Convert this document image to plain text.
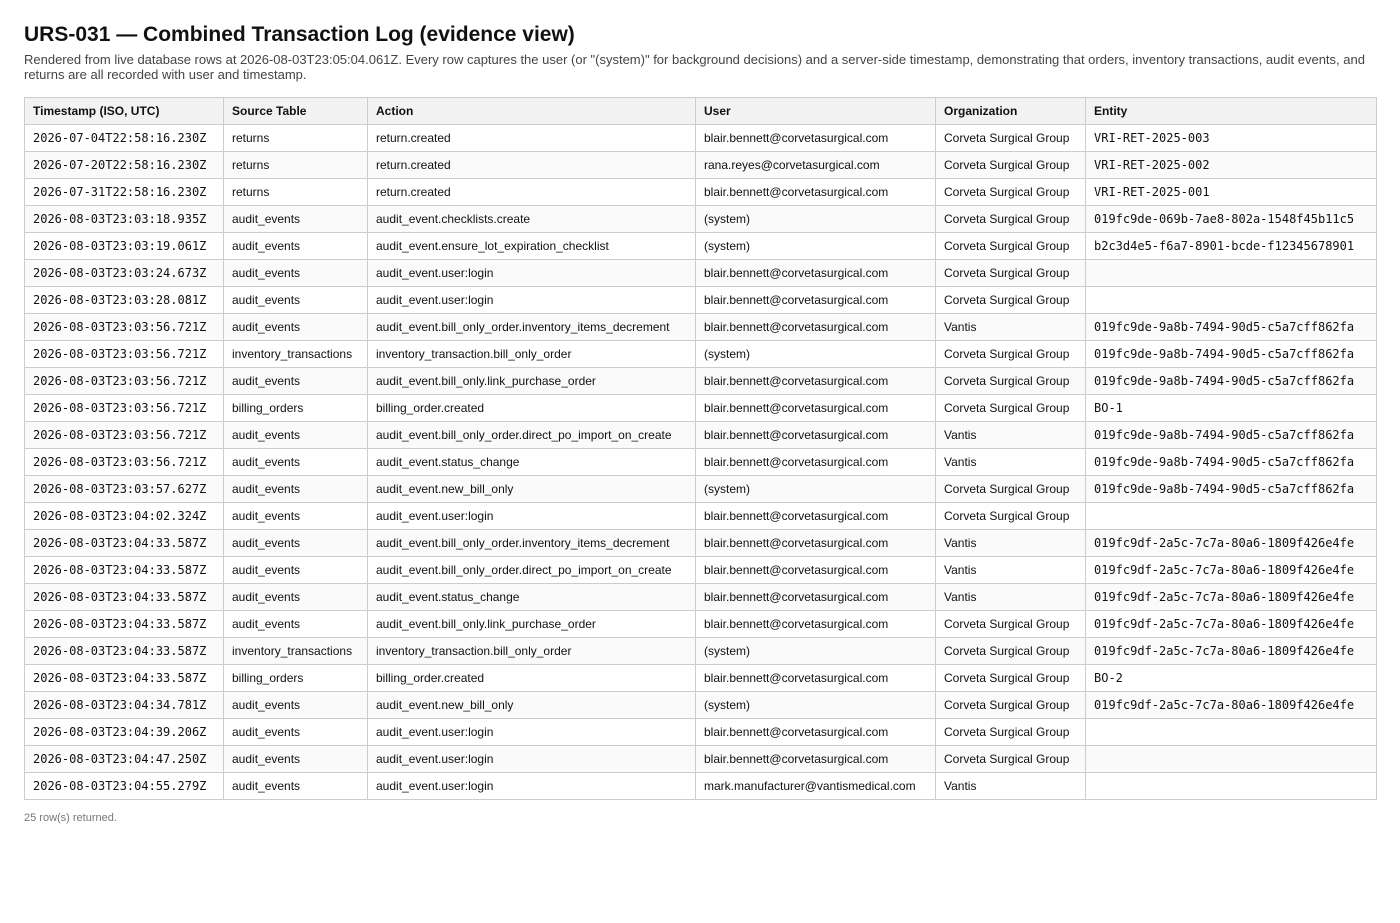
URS-031 — Combined Transaction Log (evidence view)

Rendered from live database rows at 2026-08-03T23:05:04.061Z. Every row captures the user (or "(system)" for background decisions) and a server-side timestamp, demonstrating that orders, inventory transactions, audit events, and returns are all recorded with user and timestamp.

Timestamp (ISO, UTC)	Source Table	Action	User	Organization	Entity
2026-07-04T22:58:16.230Z	returns	return.created	blair.bennett@corvetasurgical.com	Corveta Surgical Group	VRI-RET-2025-003
2026-07-20T22:58:16.230Z	returns	return.created	rana.reyes@corvetasurgical.com	Corveta Surgical Group	VRI-RET-2025-002
2026-07-31T22:58:16.230Z	returns	return.created	blair.bennett@corvetasurgical.com	Corveta Surgical Group	VRI-RET-2025-001
2026-08-03T23:03:18.935Z	audit_events	audit_event.checklists.create	(system)	Corveta Surgical Group	019fc9de-069b-7ae8-802a-1548f45b11c5
2026-08-03T23:03:19.061Z	audit_events	audit_event.ensure_lot_expiration_checklist	(system)	Corveta Surgical Group	b2c3d4e5-f6a7-8901-bcde-f12345678901
2026-08-03T23:03:24.673Z	audit_events	audit_event.user:login	blair.bennett@corvetasurgical.com	Corveta Surgical Group	
2026-08-03T23:03:28.081Z	audit_events	audit_event.user:login	blair.bennett@corvetasurgical.com	Corveta Surgical Group	
2026-08-03T23:03:56.721Z	audit_events	audit_event.bill_only_order.inventory_items_decrement	blair.bennett@corvetasurgical.com	Vantis	019fc9de-9a8b-7494-90d5-c5a7cff862fa
2026-08-03T23:03:56.721Z	inventory_transactions	inventory_transaction.bill_only_order	(system)	Corveta Surgical Group	019fc9de-9a8b-7494-90d5-c5a7cff862fa
2026-08-03T23:03:56.721Z	audit_events	audit_event.bill_only.link_purchase_order	blair.bennett@corvetasurgical.com	Corveta Surgical Group	019fc9de-9a8b-7494-90d5-c5a7cff862fa
2026-08-03T23:03:56.721Z	billing_orders	billing_order.created	blair.bennett@corvetasurgical.com	Corveta Surgical Group	BO-1
2026-08-03T23:03:56.721Z	audit_events	audit_event.bill_only_order.direct_po_import_on_create	blair.bennett@corvetasurgical.com	Vantis	019fc9de-9a8b-7494-90d5-c5a7cff862fa
2026-08-03T23:03:56.721Z	audit_events	audit_event.status_change	blair.bennett@corvetasurgical.com	Vantis	019fc9de-9a8b-7494-90d5-c5a7cff862fa
2026-08-03T23:03:57.627Z	audit_events	audit_event.new_bill_only	(system)	Corveta Surgical Group	019fc9de-9a8b-7494-90d5-c5a7cff862fa
2026-08-03T23:04:02.324Z	audit_events	audit_event.user:login	blair.bennett@corvetasurgical.com	Corveta Surgical Group	
2026-08-03T23:04:33.587Z	audit_events	audit_event.bill_only_order.inventory_items_decrement	blair.bennett@corvetasurgical.com	Vantis	019fc9df-2a5c-7c7a-80a6-1809f426e4fe
2026-08-03T23:04:33.587Z	audit_events	audit_event.bill_only_order.direct_po_import_on_create	blair.bennett@corvetasurgical.com	Vantis	019fc9df-2a5c-7c7a-80a6-1809f426e4fe
2026-08-03T23:04:33.587Z	audit_events	audit_event.status_change	blair.bennett@corvetasurgical.com	Vantis	019fc9df-2a5c-7c7a-80a6-1809f426e4fe
2026-08-03T23:04:33.587Z	audit_events	audit_event.bill_only.link_purchase_order	blair.bennett@corvetasurgical.com	Corveta Surgical Group	019fc9df-2a5c-7c7a-80a6-1809f426e4fe
2026-08-03T23:04:33.587Z	inventory_transactions	inventory_transaction.bill_only_order	(system)	Corveta Surgical Group	019fc9df-2a5c-7c7a-80a6-1809f426e4fe
2026-08-03T23:04:33.587Z	billing_orders	billing_order.created	blair.bennett@corvetasurgical.com	Corveta Surgical Group	BO-2
2026-08-03T23:04:34.781Z	audit_events	audit_event.new_bill_only	(system)	Corveta Surgical Group	019fc9df-2a5c-7c7a-80a6-1809f426e4fe
2026-08-03T23:04:39.206Z	audit_events	audit_event.user:login	blair.bennett@corvetasurgical.com	Corveta Surgical Group	
2026-08-03T23:04:47.250Z	audit_events	audit_event.user:login	blair.bennett@corvetasurgical.com	Corveta Surgical Group	
2026-08-03T23:04:55.279Z	audit_events	audit_event.user:login	mark.manufacturer@vantismedical.com	Vantis	
25 row(s) returned.
